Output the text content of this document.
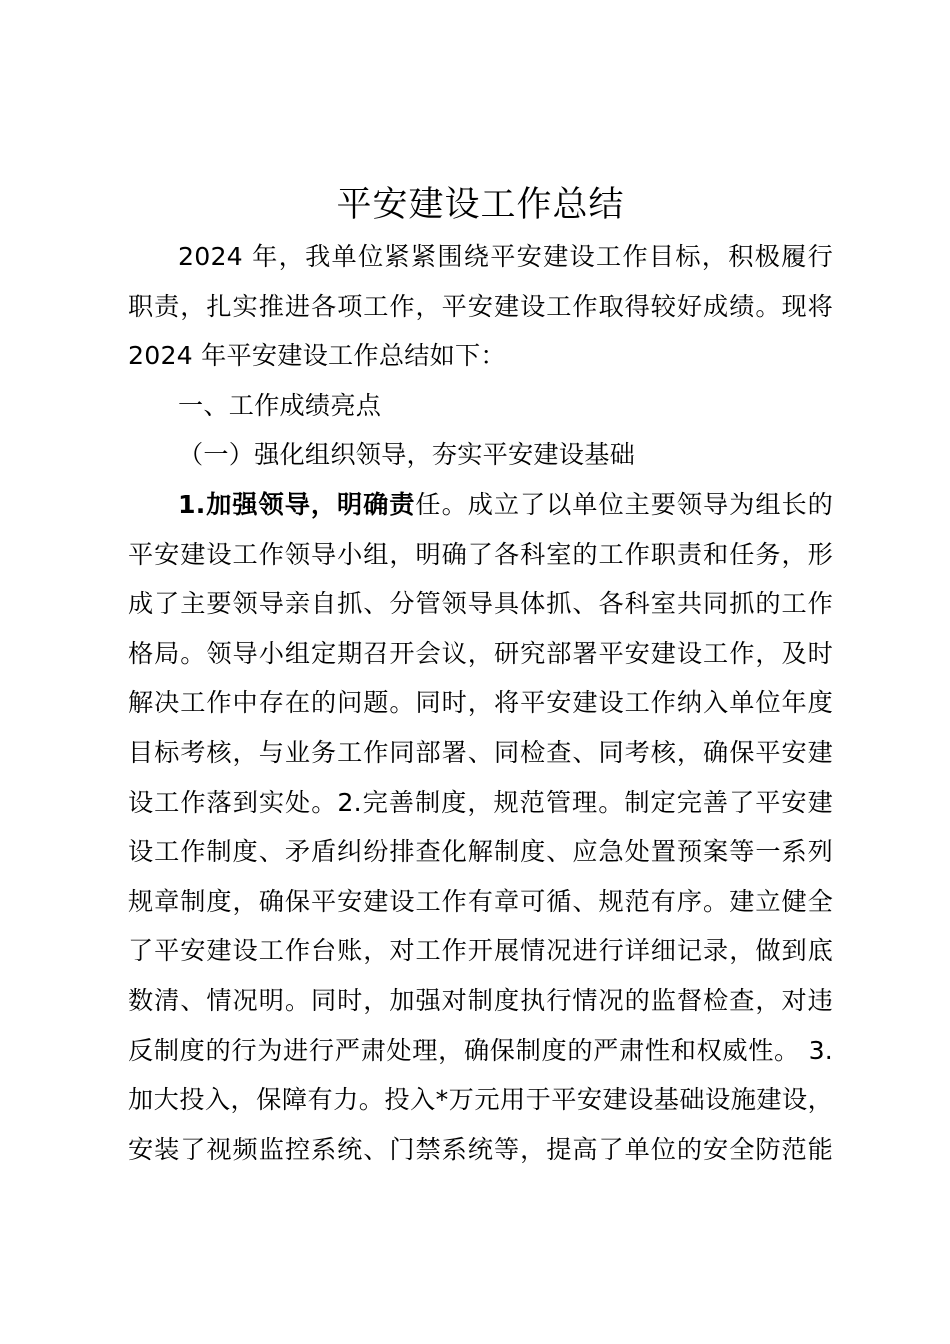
平安建设工作总结
2024 年，我单位紧紧围绕平安建设工作目标，积极履行
职责，扎实推进各项工作，平安建设工作取得较好成绩。现将
2024 年平安建设工作总结如下：
一、工作成绩亮点
（一）强化组织领导，夯实平安建设基础
1.加强领导，明确责任。成立了以单位主要领导为组长的
平安建设工作领导小组，明确了各科室的工作职责和任务，形
成了主要领导亲自抓、分管领导具体抓、各科室共同抓的工作
格局。领导小组定期召开会议，研究部署平安建设工作，及时
解决工作中存在的问题。同时，将平安建设工作纳入单位年度
目标考核，与业务工作同部署、同检查、同考核，确保平安建
设工作落到实处。2.完善制度，规范管理。制定完善了平安建
设工作制度、矛盾纠纷排查化解制度、应急处置预案等一系列
规章制度，确保平安建设工作有章可循、规范有序。建立健全
了平安建设工作台账，对工作开展情况进行详细记录，做到底
数清、情况明。同时，加强对制度执行情况的监督检查，对违
反制度的行为进行严肃处理，确保制度的严肃性和权威性。 3.
加大投入，保障有力。投入*万元用于平安建设基础设施建设，
安装了视频监控系统、门禁系统等，提高了单位的安全防范能
